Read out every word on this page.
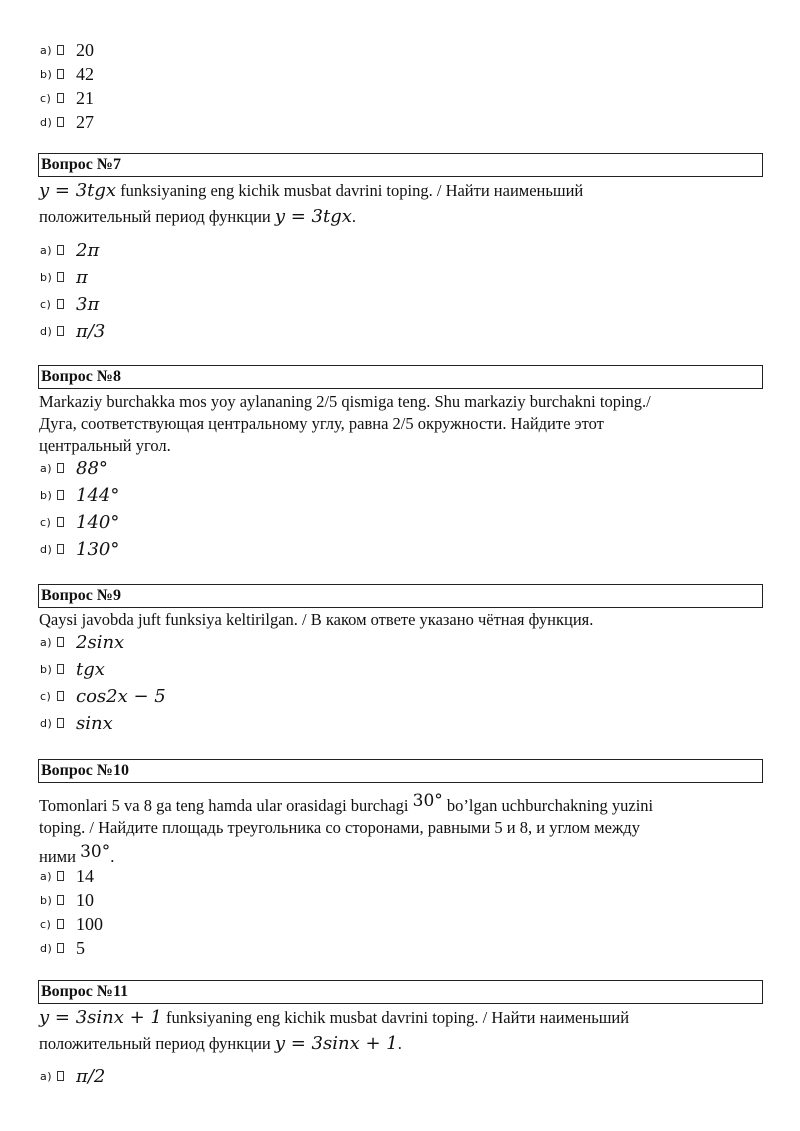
a) 20
b) 42
c)	21
d) 27
Вопрос №7
y = 3tgx funksiyaning eng kichik musbat davrini toping. / Найти наименьший
положительный период функции y = 3tgx.
a) 2π
b) π
c)	3π
d) π/3
Вопрос №8
Markaziy burchakka mos yoy aylananing 2/5 qismiga teng. Shu markaziy burchakni toping./
Дуга, соответствующая центральному углу, равна 2/5 окружности. Найдите этот
центральный угол.
a) 88°
b) 144°
c)	140°
d) 130°
Вопрос №9
Qaysi javobda juft funksiya keltirilgan. / В каком ответе указано чётная функция.
a) 2sinx
b) tgx
c)	cos2x − 5
d) sinx
Вопрос №10
Tomonlari 5 va 8 ga teng hamda ular orasidagi burchagi 30° bo’lgan uchburchakning yuzini
toping. / Найдите площадь треугольника со сторонами, равными 5 и 8, и углом между
ними 30°.
a) 14
b) 10
c)	100
d) 5
Вопрос №11
y = 3sinx + 1 funksiyaning eng kichik musbat davrini toping. / Найти наименьший
положительный период функции y = 3sinx + 1.
a) π/2
